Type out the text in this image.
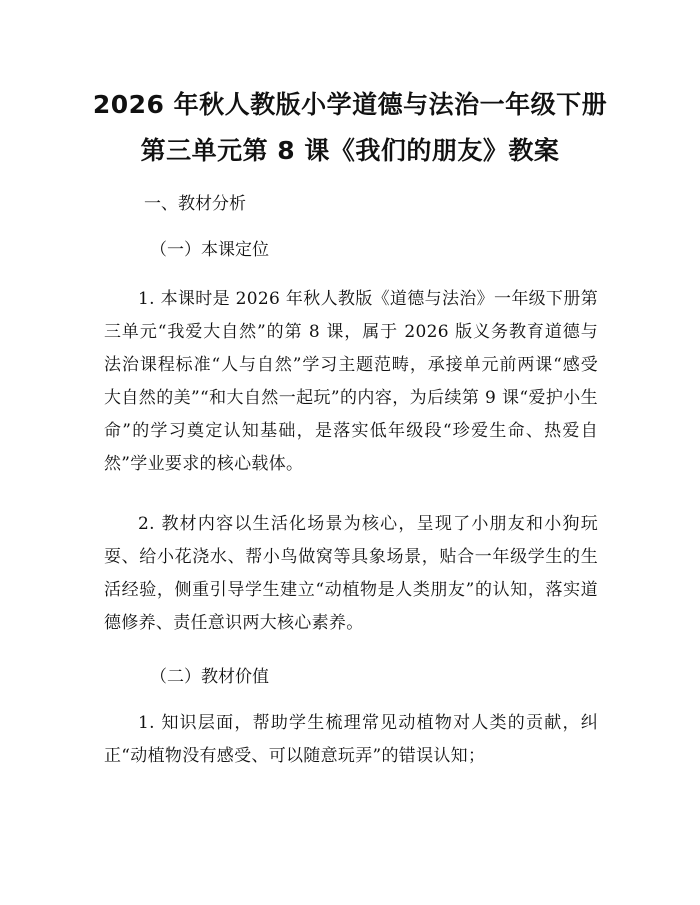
2026 年秋人教版小学道德与法治一年级下册
第三单元第 8 课《我们的朋友》教案
一、教材分析
（一）本课定位

1. 本课时是 2026 年秋人教版《道德与法治》一年级下册第三单元“我爱大自然”的第 8 课，属于 2026 版义务教育道德与法治课程标准“人与自然”学习主题范畴，承接单元前两课“感受大自然的美”“和大自然一起玩”的内容，为后续第 9 课“爱护小生命”的学习奠定认知基础，是落实低年级段“珍爱生命、热爱自然”学业要求的核心载体。

2. 教材内容以生活化场景为核心，呈现了小朋友和小狗玩耍、给小花浇水、帮小鸟做窝等具象场景，贴合一年级学生的生活经验，侧重引导学生建立“动植物是人类朋友”的认知，落实道德修养、责任意识两大核心素养。

（二）教材价值

1. 知识层面，帮助学生梳理常见动植物对人类的贡献，纠正“动植物没有感受、可以随意玩弄”的错误认知；
